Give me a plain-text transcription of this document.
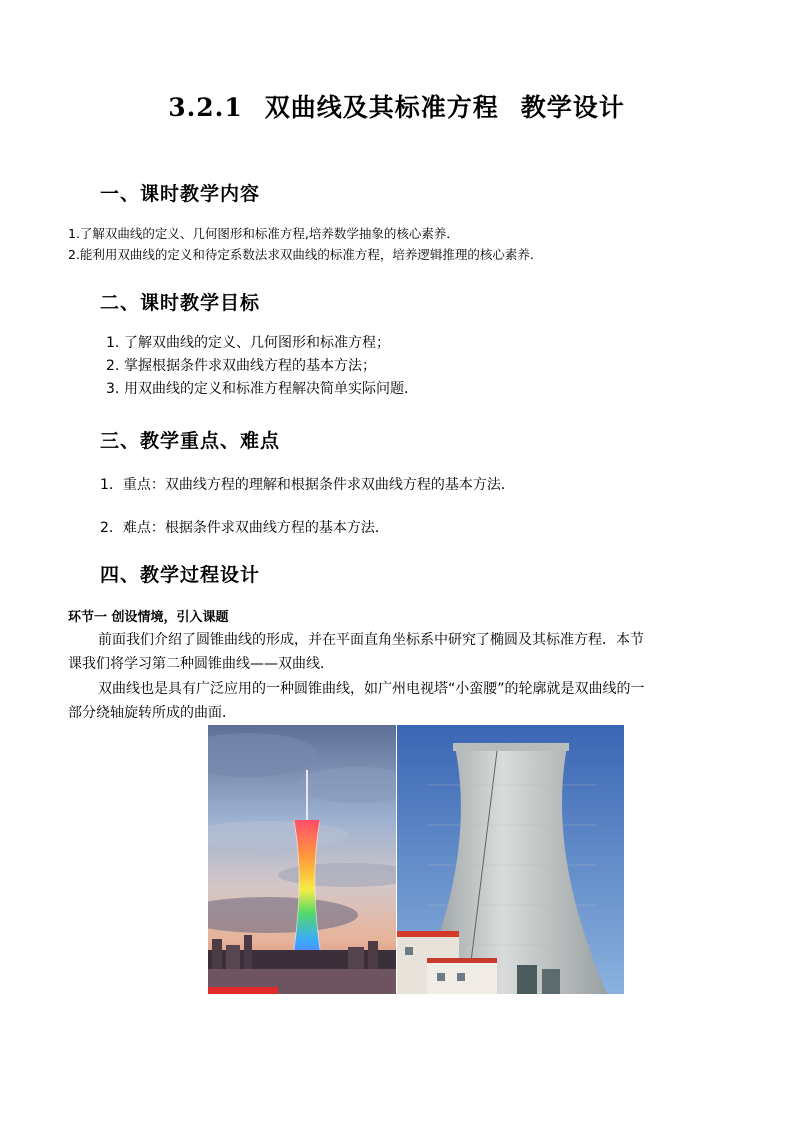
3.2.1 双曲线及其标准方程 教学设计
一、课时教学内容
1.了解双曲线的定义、几何图形和标准方程,培养数学抽象的核心素养．
2.能利用双曲线的定义和待定系数法求双曲线的标准方程，培养逻辑推理的核心素养.
二、课时教学目标
1. 了解双曲线的定义、几何图形和标准方程；
2. 掌握根据条件求双曲线方程的基本方法；
3. 用双曲线的定义和标准方程解决简单实际问题．
三、教学重点、难点
1．重点：双曲线方程的理解和根据条件求双曲线方程的基本方法．
2．难点：根据条件求双曲线方程的基本方法．
四、教学过程设计
环节一 创设情境，引入课题
前面我们介绍了圆锥曲线的形成，并在平面直角坐标系中研究了椭圆及其标准方程．本节
课我们将学习第二种圆锥曲线——双曲线．
双曲线也是具有广泛应用的一种圆锥曲线，如广州电视塔“小蛮腰”的轮廓就是双曲线的一
部分绕轴旋转所成的曲面．
